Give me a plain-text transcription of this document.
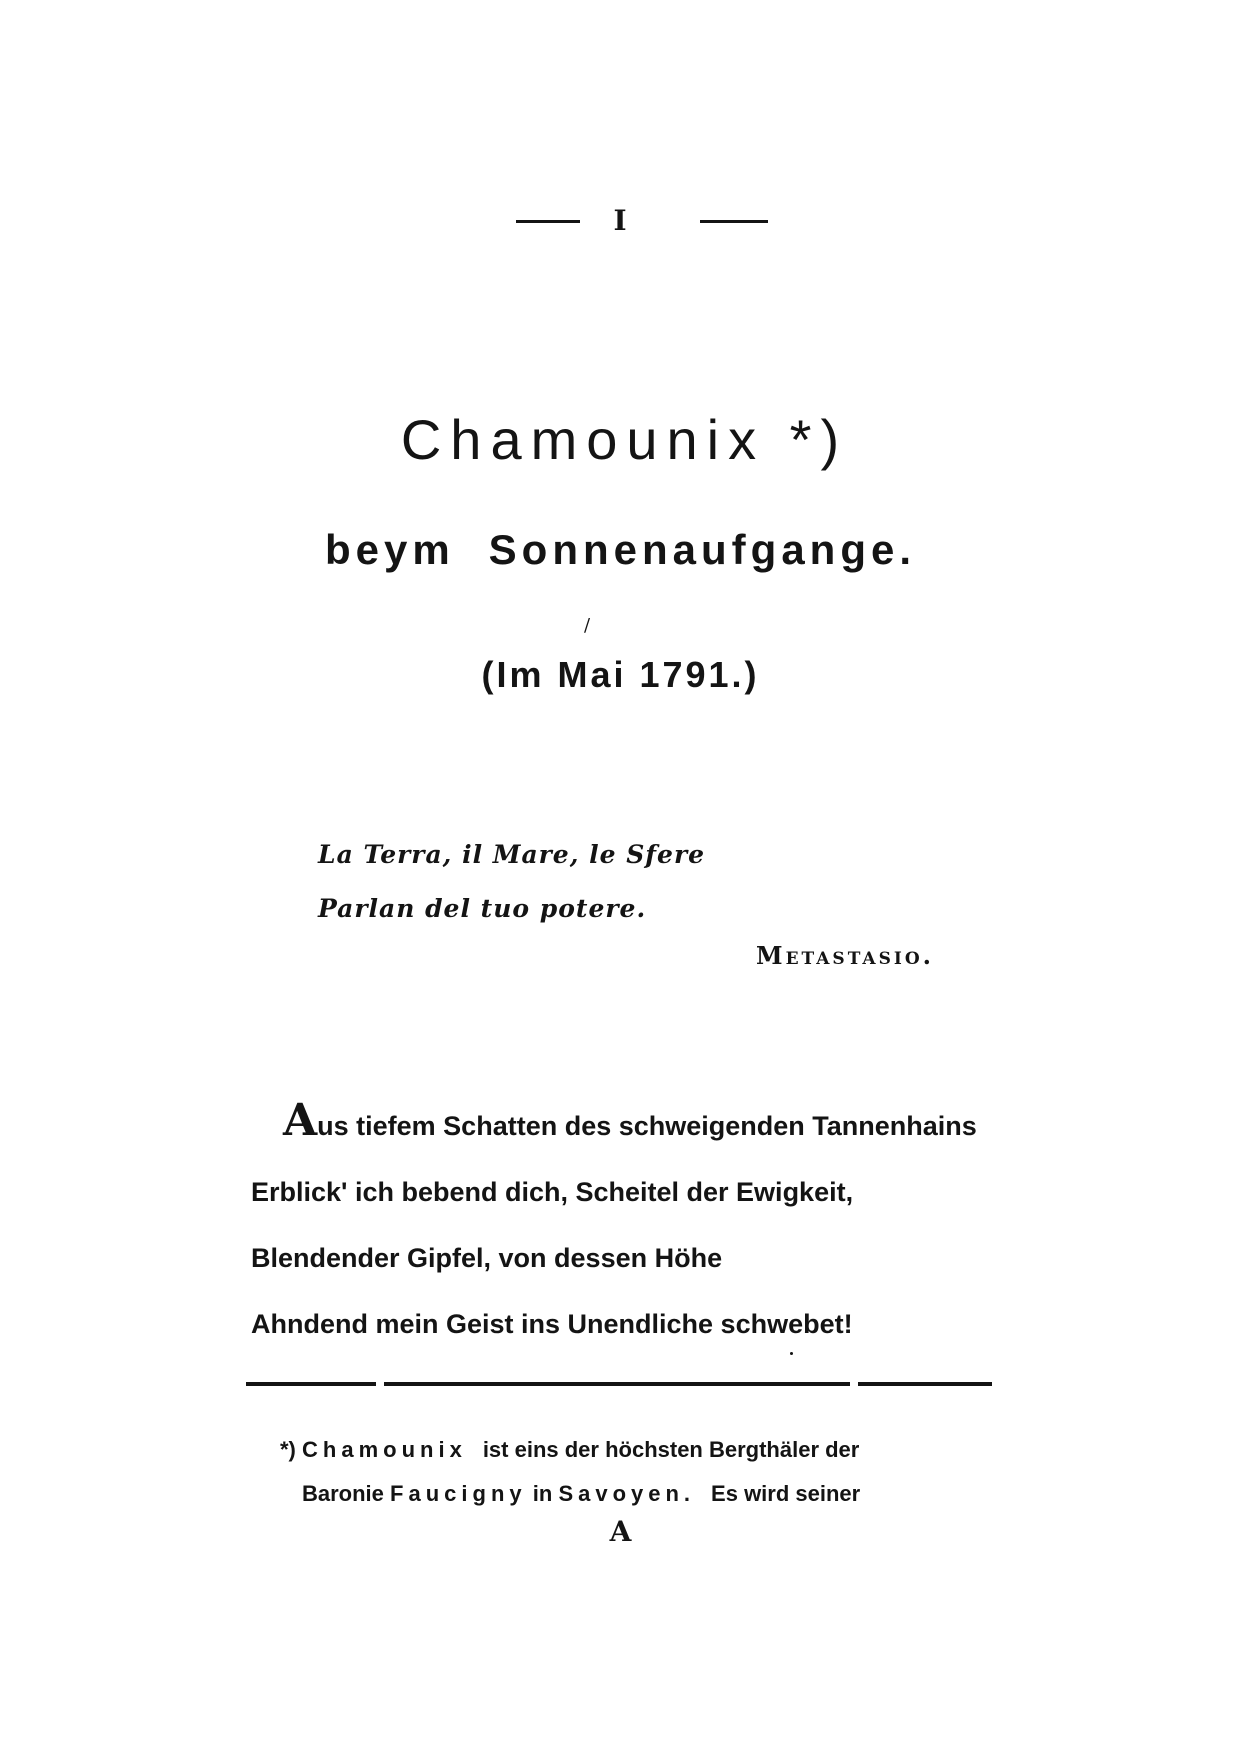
I
Chamounix *)
beym Sonnenaufgange.
/
(Im Mai 1791.)
La Terra, il Mare, le Sfere
Parlan del tuo potere.
Metastasio.
Aus tiefem Schatten des schweigenden Tannenhains
Erblick' ich bebend dich, Scheitel der Ewigkeit,
Blendender Gipfel, von dessen Höhe
Ahndend mein Geist ins Unendliche schwebet!
*) Chamounix ist eins der höchsten Bergthäler der
Baronie Faucigny in Savoyen. Es wird seiner
A
